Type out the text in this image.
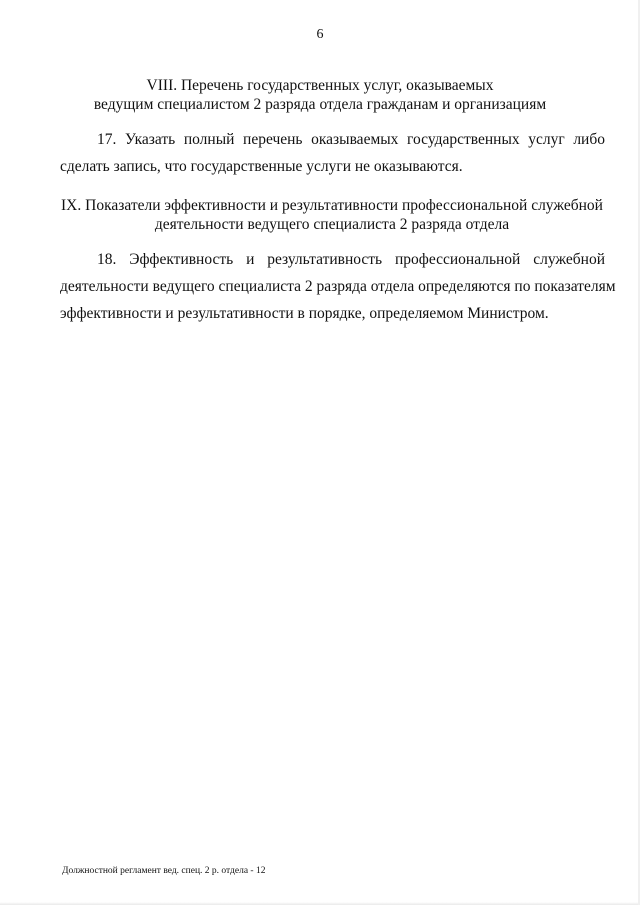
6
VIII. Перечень государственных услуг, оказываемых
ведущим специалистом 2 разряда отдела гражданам и организациям
17. Указать полный перечень оказываемых государственных услуг либо
сделать запись, что государственные услуги не оказываются.
IX. Показатели эффективности и результативности профессиональной служебной
деятельности ведущего специалиста 2 разряда отдела
18. Эффективность и результативность профессиональной служебной
деятельности ведущего специалиста 2 разряда отдела определяются по показателям
эффективности и результативности в порядке, определяемом Министром.
Должностной регламент вед. спец. 2 р. отдела - 12
